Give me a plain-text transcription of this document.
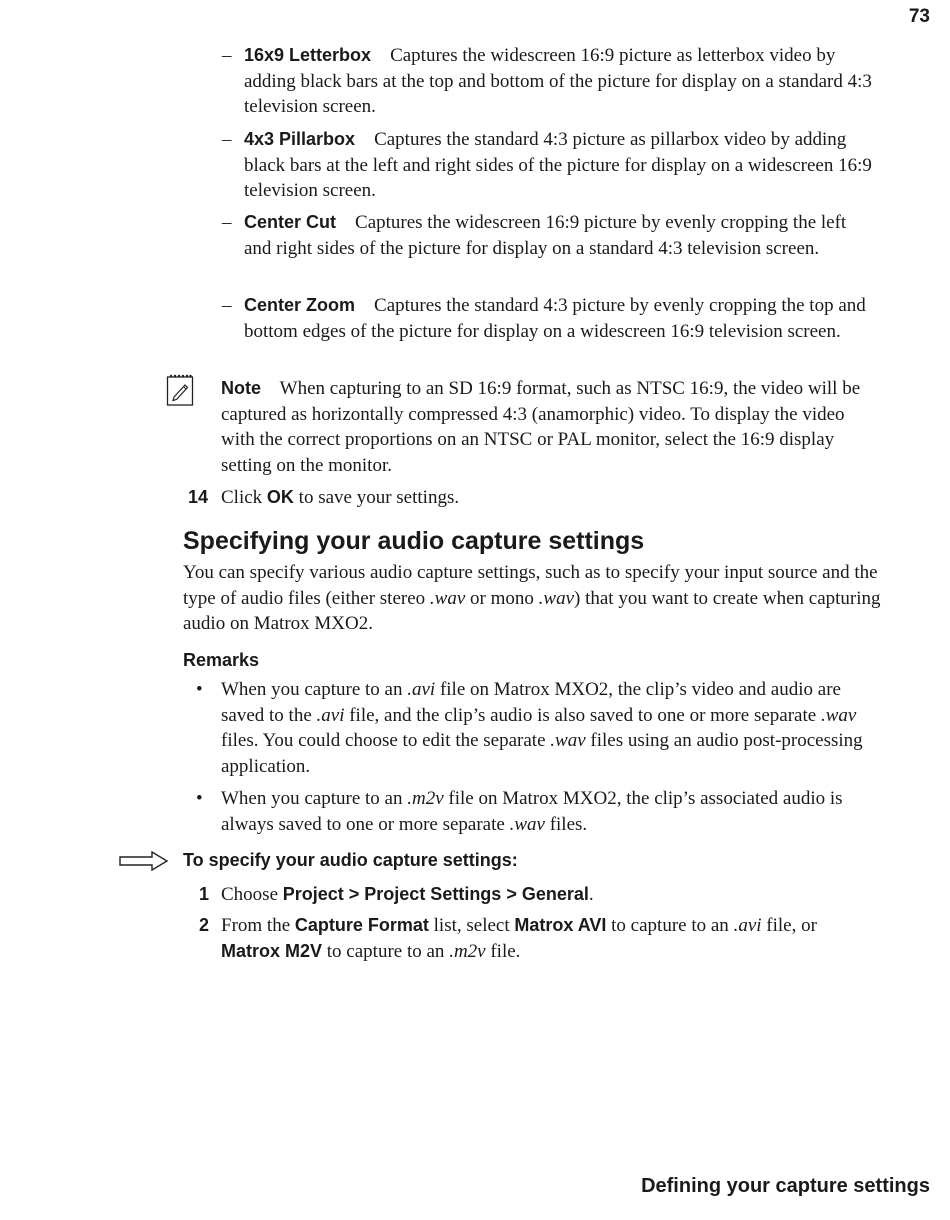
73
– 16x9 Letterbox Captures the widescreen 16:9 picture as letterbox video by adding black bars at the top and bottom of the picture for display on a standard 4:3 television screen.
– 4x3 Pillarbox Captures the standard 4:3 picture as pillarbox video by adding black bars at the left and right sides of the picture for display on a widescreen 16:9 television screen.
– Center Cut Captures the widescreen 16:9 picture by evenly cropping the left and right sides of the picture for display on a standard 4:3 television screen.
– Center Zoom Captures the standard 4:3 picture by evenly cropping the top and bottom edges of the picture for display on a widescreen 16:9 television screen.
Note When capturing to an SD 16:9 format, such as NTSC 16:9, the video will be captured as horizontally compressed 4:3 (anamorphic) video. To display the video with the correct proportions on an NTSC or PAL monitor, select the 16:9 display setting on the monitor.
14 Click OK to save your settings.
Specifying your audio capture settings
You can specify various audio capture settings, such as to specify your input source and the type of audio files (either stereo .wav or mono .wav) that you want to create when capturing audio on Matrox MXO2.
Remarks
• When you capture to an .avi file on Matrox MXO2, the clip’s video and audio are saved to the .avi file, and the clip’s audio is also saved to one or more separate .wav files. You could choose to edit the separate .wav files using an audio post-processing application.
• When you capture to an .m2v file on Matrox MXO2, the clip’s associated audio is always saved to one or more separate .wav files.
To specify your audio capture settings:
1 Choose Project > Project Settings > General.
2 From the Capture Format list, select Matrox AVI to capture to an .avi file, or Matrox M2V to capture to an .m2v file.
Defining your capture settings
